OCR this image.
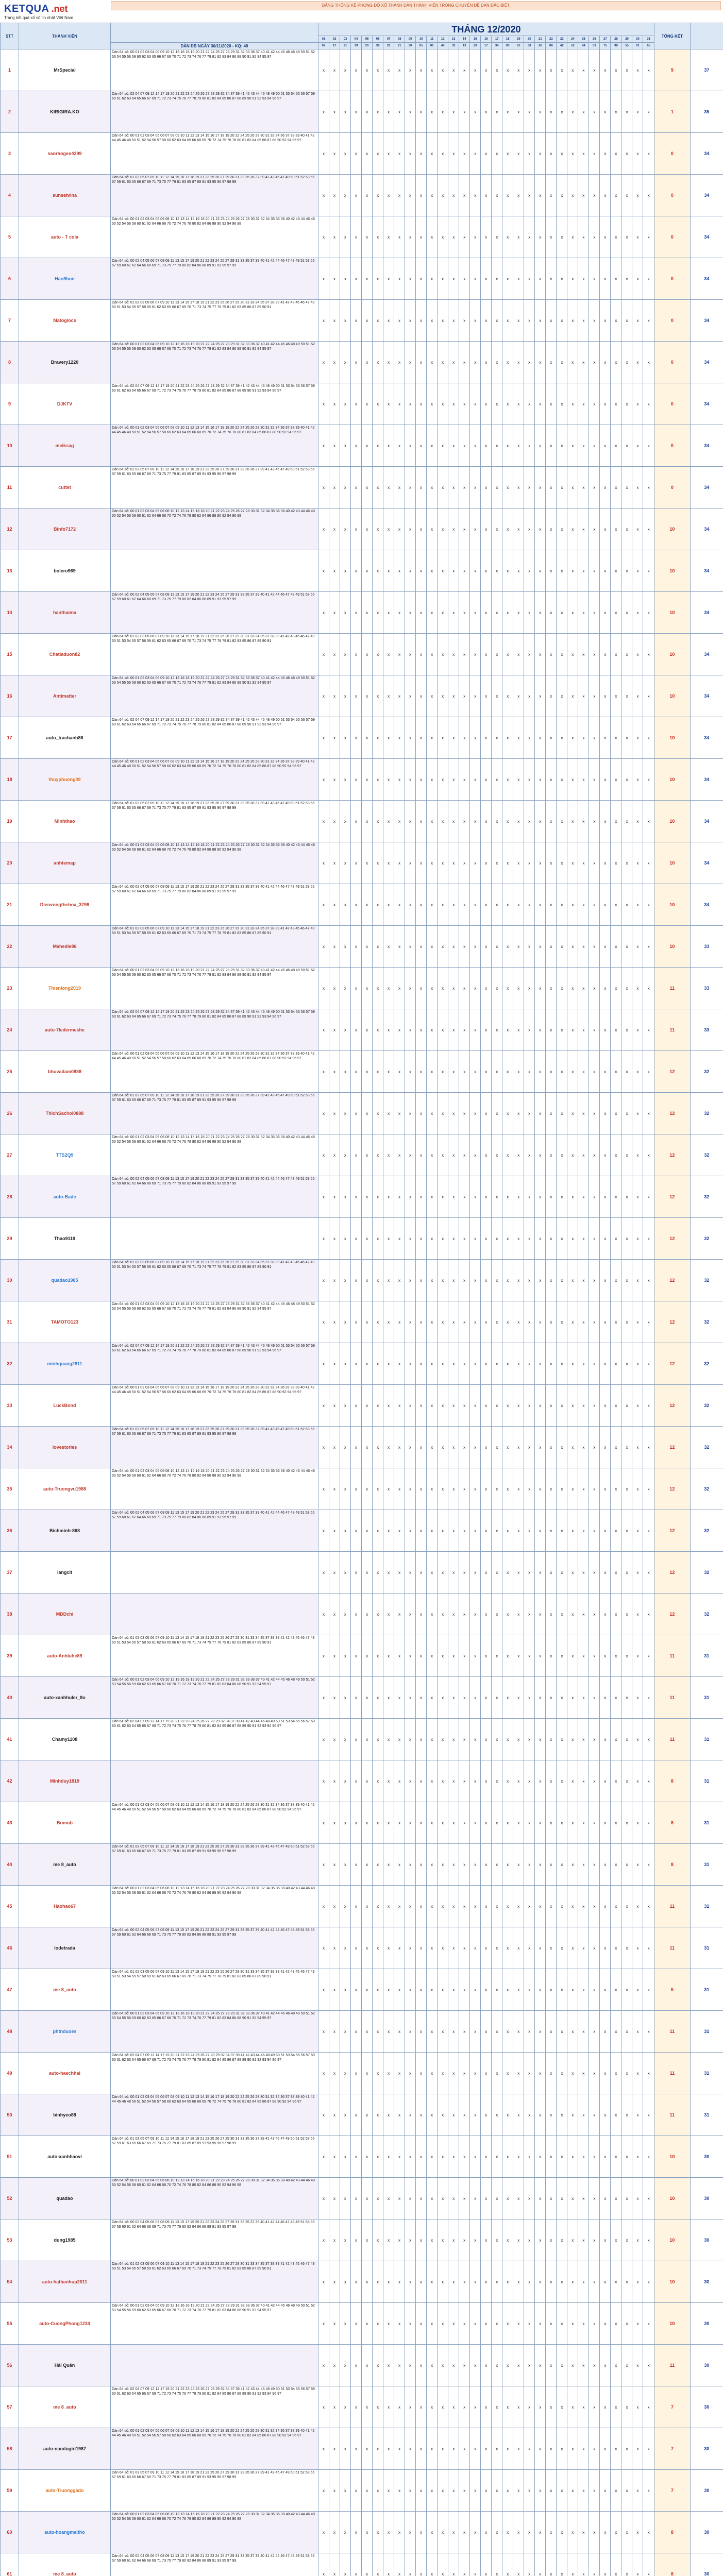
KETQUA .net
Trang kết quả xổ số tin nhất Việt Nam
BẢNG THỐNG KÊ PHONG ĐỘ XỔ THÁNH DÀN THÀNH VIÊN TRONG CHUYÊN ĐỀ DÀN ĐẶC BIỆT
STT	THÀNH VIÊN		THÁNG 12/2020																															TỔNG KẾT	
			01	02	03	04	05	06	07	08	09	10	11	12	13	14	15	16	17	18	19	20	21	22	23	24	25	26	27	28	29	30	31		
		DÀN ĐB NGÀY 30/11/2020 - KQ: 49	07	17	21	39	20	39	31	21	38	05	01	48	32	13	29	17	34	03	61	38	26	08	42	52	94	53	75	98	55	01	65		
1	MrSpecial	Dàn 64 số: 00 01 02 03 04 06 09 10 12 13 16 18 19 20 21 22 24 25 27 28 29 31 32 33 36 37 40 41 42 44 45 46 48 49 50 51 52 53 54 55 56 59 60 62 63 65 66 67 68 70 71 72 73 74 76 77 79 81 82 83 84 86 88 90 91 92 94 95 97	x	x	x	x	x	x	x	x	x	x	x	x	x	x	x	x	x	x	x	x	x	x	x	x	x	x	x	x	x	x	x	9	37
2	KIRIGIRA.KO	Dàn 64 số: 02 04 07 09 12 14 17 19 20 21 22 23 24 25 26 27 28 29 32 34 37 39 41 42 43 44 46 48 49 50 51 53 54 55 56 57 59 60 61 62 63 64 65 66 67 69 71 72 73 74 75 76 77 78 79 80 81 82 84 85 86 87 88 89 90 91 92 93 94 96 97	x	x	x	x	x	x	x	x	x	x	x	x	x	x	x	x	x	x	x	x	x	x	x	x	x	x	x	x	x	x	x	1	35
3	saorhogeo4299	Dàn 64 số: 00 01 02 03 04 05 06 07 08 09 10 11 12 13 14 15 16 17 18 19 20 22 24 25 26 28 30 31 32 34 36 37 38 39 40 41 42 44 45 46 48 50 51 52 54 56 57 58 60 62 63 64 65 66 68 69 70 72 74 75 76 78 80 81 82 84 85 86 87 88 90 92 94 96 97	x	x	x	x	x	x	x	x	x	x	x	x	x	x	x	x	x	x	x	x	x	x	x	x	x	x	x	x	x	x	x	0	34
4	sunsetvina	Dàn 64 số: 01 03 05 07 09 10 11 12 14 15 16 17 18 19 21 23 25 26 27 29 30 31 33 35 36 37 39 41 43 45 47 49 50 51 52 53 55 57 59 61 63 65 66 67 69 71 73 75 77 79 81 83 85 87 89 91 93 95 96 97 98 99	x	x	x	x	x	x	x	x	x	x	x	x	x	x	x	x	x	x	x	x	x	x	x	x	x	x	x	x	x	x	x	0	34
5	auto - T cola	Dàn 64 số: 00 01 02 03 04 05 06 08 10 12 13 14 15 16 18 20 21 22 23 24 25 26 27 28 30 31 32 34 35 36 38 40 42 43 44 46 48 50 52 54 56 58 60 61 62 64 66 68 70 72 74 76 78 80 82 84 86 88 90 92 94 96 98	x	x	x	x	x	x	x	x	x	x	x	x	x	x	x	x	x	x	x	x	x	x	x	x	x	x	x	x	x	x	x	0	34
6	Hao9hon	Dàn 64 số: 00 02 04 05 06 07 08 09 11 13 15 17 19 20 21 22 23 24 25 27 29 31 33 35 37 39 40 41 42 44 46 47 48 49 51 53 55 57 59 60 61 62 64 66 68 69 71 73 75 77 79 80 82 84 86 88 89 91 93 95 97 99	x	x	x	x	x	x	x	x	x	x	x	x	x	x	x	x	x	x	x	x	x	x	x	x	x	x	x	x	x	x	x	0	34
7	Matoglocs	Dàn 64 số: 01 02 03 05 06 07 09 10 11 13 14 15 17 18 19 21 22 23 25 26 27 29 30 31 33 34 35 37 38 39 41 42 43 45 46 47 49 50 51 53 54 55 57 58 59 61 62 63 65 66 67 69 70 71 73 74 75 77 78 79 81 82 83 85 86 87 89 90 91	x	x	x	x	x	x	x	x	x	x	x	x	x	x	x	x	x	x	x	x	x	x	x	x	x	x	x	x	x	x	x	0	34
8	Bravery1220	Dàn 64 số: 00 01 02 03 04 06 09 10 12 13 16 18 19 20 21 22 24 25 27 28 29 31 32 33 36 37 40 41 42 44 45 46 48 49 50 51 52 53 54 55 56 59 60 62 63 65 66 67 68 70 71 72 73 74 76 77 79 81 82 83 84 86 88 90 91 92 94 95 97	x	x	x	x	x	x	x	x	x	x	x	x	x	x	x	x	x	x	x	x	x	x	x	x	x	x	x	x	x	x	x	0	34
9	DJKTV	Dàn 64 số: 02 04 07 09 12 14 17 19 20 21 22 23 24 25 26 27 28 29 32 34 37 39 41 42 43 44 46 48 49 50 51 53 54 55 56 57 59 60 61 62 63 64 65 66 67 69 71 72 73 74 75 76 77 78 79 80 81 82 84 85 86 87 88 89 90 91 92 93 94 96 97	x	x	x	x	x	x	x	x	x	x	x	x	x	x	x	x	x	x	x	x	x	x	x	x	x	x	x	x	x	x	x	0	34
10	meiksag	Dàn 64 số: 00 01 02 03 04 05 06 07 08 09 10 11 12 13 14 15 16 17 18 19 20 22 24 25 26 28 30 31 32 34 36 37 38 39 40 41 42 44 45 46 48 50 51 52 54 56 57 58 60 62 63 64 65 66 68 69 70 72 74 75 76 78 80 81 82 84 85 86 87 88 90 92 94 96 97	x	x	x	x	x	x	x	x	x	x	x	x	x	x	x	x	x	x	x	x	x	x	x	x	x	x	x	x	x	x	x	0	34
11	cuttet	Dàn 64 số: 01 03 05 07 09 10 11 12 14 15 16 17 18 19 21 23 25 26 27 29 30 31 33 35 36 37 39 41 43 45 47 49 50 51 52 53 55 57 59 61 63 65 66 67 69 71 73 75 77 79 81 83 85 87 89 91 93 95 96 97 98 99	x	x	x	x	x	x	x	x	x	x	x	x	x	x	x	x	x	x	x	x	x	x	x	x	x	x	x	x	x	x	x	0	34
12	Binfo7172	Dàn 64 số: 00 01 02 03 04 05 06 08 10 12 13 14 15 16 18 20 21 22 23 24 25 26 27 28 30 31 32 34 35 36 38 40 42 43 44 46 48 50 52 54 56 58 60 61 62 64 66 68 70 72 74 76 78 80 82 84 86 88 90 92 94 96 98	x	x	x	x	x	x	x	x	x	x	x	x	x	x	x	x	x	x	x	x	x	x	x	x	x	x	x	x	x	x	x	10	34
13	bolero969		x	x	x	x	x	x	x	x	x	x	x	x	x	x	x	x	x	x	x	x	x	x	x	x	x	x	x	x	x	x	x	10	34
14	hanthaima	Dàn 64 số: 00 02 04 05 06 07 08 09 11 13 15 17 19 20 21 22 23 24 25 27 29 31 33 35 37 39 40 41 42 44 46 47 48 49 51 53 55 57 59 60 61 62 64 66 68 69 71 73 75 77 79 80 82 84 86 88 89 91 93 95 97 99	x	x	x	x	x	x	x	x	x	x	x	x	x	x	x	x	x	x	x	x	x	x	x	x	x	x	x	x	x	x	x	10	34
15	Chatladuon82	Dàn 64 số: 01 02 03 05 06 07 09 10 11 13 14 15 17 18 19 21 22 23 25 26 27 29 30 31 33 34 35 37 38 39 41 42 43 45 46 47 49 50 51 53 54 55 57 58 59 61 62 63 65 66 67 69 70 71 73 74 75 77 78 79 81 82 83 85 86 87 89 90 91	x	x	x	x	x	x	x	x	x	x	x	x	x	x	x	x	x	x	x	x	x	x	x	x	x	x	x	x	x	x	x	10	34
16	Antimatter	Dàn 64 số: 00 01 02 03 04 06 09 10 12 13 16 18 19 20 21 22 24 25 27 28 29 31 32 33 36 37 40 41 42 44 45 46 48 49 50 51 52 53 54 55 56 59 60 62 63 65 66 67 68 70 71 72 73 74 76 77 79 81 82 83 84 86 88 90 91 92 94 95 97	x	x	x	x	x	x	x	x	x	x	x	x	x	x	x	x	x	x	x	x	x	x	x	x	x	x	x	x	x	x	x	10	34
17	auto_trachanh86	Dàn 64 số: 02 04 07 09 12 14 17 19 20 21 22 23 24 25 26 27 28 29 32 34 37 39 41 42 43 44 46 48 49 50 51 53 54 55 56 57 59 60 61 62 63 64 65 66 67 69 71 72 73 74 75 76 77 78 79 80 81 82 84 85 86 87 88 89 90 91 92 93 94 96 97	x	x	x	x	x	x	x	x	x	x	x	x	x	x	x	x	x	x	x	x	x	x	x	x	x	x	x	x	x	x	x	10	34
18	thuyphuong09	Dàn 64 số: 00 01 02 03 04 05 06 07 08 09 10 11 12 13 14 15 16 17 18 19 20 22 24 25 26 28 30 31 32 34 36 37 38 39 40 41 42 44 45 46 48 50 51 52 54 56 57 58 60 62 63 64 65 66 68 69 70 72 74 75 76 78 80 81 82 84 85 86 87 88 90 92 94 96 97	x	x	x	x	x	x	x	x	x	x	x	x	x	x	x	x	x	x	x	x	x	x	x	x	x	x	x	x	x	x	x	10	34
19	Minhthao	Dàn 64 số: 01 03 05 07 09 10 11 12 14 15 16 17 18 19 21 23 25 26 27 29 30 31 33 35 36 37 39 41 43 45 47 49 50 51 52 53 55 57 59 61 63 65 66 67 69 71 73 75 77 79 81 83 85 87 89 91 93 95 96 97 98 99	x	x	x	x	x	x	x	x	x	x	x	x	x	x	x	x	x	x	x	x	x	x	x	x	x	x	x	x	x	x	x	10	34
20	anhtemap	Dàn 64 số: 00 01 02 03 04 05 06 08 10 12 13 14 15 16 18 20 21 22 23 24 25 26 27 28 30 31 32 34 35 36 38 40 42 43 44 46 48 50 52 54 56 58 60 61 62 64 66 68 70 72 74 76 78 80 82 84 86 88 90 92 94 96 98	x	x	x	x	x	x	x	x	x	x	x	x	x	x	x	x	x	x	x	x	x	x	x	x	x	x	x	x	x	x	x	10	34
21	Dienvongthehoa_3799	Dàn 64 số: 00 02 04 05 06 07 08 09 11 13 15 17 19 20 21 22 23 24 25 27 29 31 33 35 37 39 40 41 42 44 46 47 48 49 51 53 55 57 59 60 61 62 64 66 68 69 71 73 75 77 79 80 82 84 86 88 89 91 93 95 97 99	x	x	x	x	x	x	x	x	x	x	x	x	x	x	x	x	x	x	x	x	x	x	x	x	x	x	x	x	x	x	x	10	34
22	Mahedie86	Dàn 64 số: 01 02 03 05 06 07 09 10 11 13 14 15 17 18 19 21 22 23 25 26 27 29 30 31 33 34 35 37 38 39 41 42 43 45 46 47 49 50 51 53 54 55 57 58 59 61 62 63 65 66 67 69 70 71 73 74 75 77 78 79 81 82 83 85 86 87 89 90 91	x	x	x	x	x	x	x	x	x	x	x	x	x	x	x	x	x	x	x	x	x	x	x	x	x	x	x	x	x	x	x	10	33
23	Thienlong2019	Dàn 64 số: 00 01 02 03 04 06 09 10 12 13 16 18 19 20 21 22 24 25 27 28 29 31 32 33 36 37 40 41 42 44 45 46 48 49 50 51 52 53 54 55 56 59 60 62 63 65 66 67 68 70 71 72 73 74 76 77 79 81 82 83 84 86 88 90 91 92 94 95 97	x	x	x	x	x	x	x	x	x	x	x	x	x	x	x	x	x	x	x	x	x	x	x	x	x	x	x	x	x	x	x	11	33
24	auto-7ledermeshe	Dàn 64 số: 02 04 07 09 12 14 17 19 20 21 22 23 24 25 26 27 28 29 32 34 37 39 41 42 43 44 46 48 49 50 51 53 54 55 56 57 59 60 61 62 63 64 65 66 67 69 71 72 73 74 75 76 77 78 79 80 81 82 84 85 86 87 88 89 90 91 92 93 94 96 97	x	x	x	x	x	x	x	x	x	x	x	x	x	x	x	x	x	x	x	x	x	x	x	x	x	x	x	x	x	x	x	11	33
25	bhuvadam0888	Dàn 64 số: 00 01 02 03 04 05 06 07 08 09 10 11 12 13 14 15 16 17 18 19 20 22 24 25 26 28 30 31 32 34 36 37 38 39 40 41 42 44 45 46 48 50 51 52 54 56 57 58 60 62 63 64 65 66 68 69 70 72 74 75 76 78 80 81 82 84 85 86 87 88 90 92 94 96 97	x	x	x	x	x	x	x	x	x	x	x	x	x	x	x	x	x	x	x	x	x	x	x	x	x	x	x	x	x	x	x	12	32
26	ThichSachoi0888	Dàn 64 số: 01 03 05 07 09 10 11 12 14 15 16 17 18 19 21 23 25 26 27 29 30 31 33 35 36 37 39 41 43 45 47 49 50 51 52 53 55 57 59 61 63 65 66 67 69 71 73 75 77 79 81 83 85 87 89 91 93 95 96 97 98 99	x	x	x	x	x	x	x	x	x	x	x	x	x	x	x	x	x	x	x	x	x	x	x	x	x	x	x	x	x	x	x	12	32
27	TTS2Q9	Dàn 64 số: 00 01 02 03 04 05 06 08 10 12 13 14 15 16 18 20 21 22 23 24 25 26 27 28 30 31 32 34 35 36 38 40 42 43 44 46 48 50 52 54 56 58 60 61 62 64 66 68 70 72 74 76 78 80 82 84 86 88 90 92 94 96 98	x	x	x	x	x	x	x	x	x	x	x	x	x	x	x	x	x	x	x	x	x	x	x	x	x	x	x	x	x	x	x	12	32
28	auto-Bade	Dàn 64 số: 00 02 04 05 06 07 08 09 11 13 15 17 19 20 21 22 23 24 25 27 29 31 33 35 37 39 40 41 42 44 46 47 48 49 51 53 55 57 59 60 61 62 64 66 68 69 71 73 75 77 79 80 82 84 86 88 89 91 93 95 97 99	x	x	x	x	x	x	x	x	x	x	x	x	x	x	x	x	x	x	x	x	x	x	x	x	x	x	x	x	x	x	x	12	32
29	Thao9119		x	x	x	x	x	x	x	x	x	x	x	x	x	x	x	x	x	x	x	x	x	x	x	x	x	x	x	x	x	x	x	12	32
30	quadao1985	Dàn 64 số: 01 02 03 05 06 07 09 10 11 13 14 15 17 18 19 21 22 23 25 26 27 29 30 31 33 34 35 37 38 39 41 42 43 45 46 47 49 50 51 53 54 55 57 58 59 61 62 63 65 66 67 69 70 71 73 74 75 77 78 79 81 82 83 85 86 87 89 90 91	x	x	x	x	x	x	x	x	x	x	x	x	x	x	x	x	x	x	x	x	x	x	x	x	x	x	x	x	x	x	x	12	32
31	TAMOTO123	Dàn 64 số: 00 01 02 03 04 06 09 10 12 13 16 18 19 20 21 22 24 25 27 28 29 31 32 33 36 37 40 41 42 44 45 46 48 49 50 51 52 53 54 55 56 59 60 62 63 65 66 67 68 70 71 72 73 74 76 77 79 81 82 83 84 86 88 90 91 92 94 95 97	x	x	x	x	x	x	x	x	x	x	x	x	x	x	x	x	x	x	x	x	x	x	x	x	x	x	x	x	x	x	x	12	32
32	minhquang2811	Dàn 64 số: 02 04 07 09 12 14 17 19 20 21 22 23 24 25 26 27 28 29 32 34 37 39 41 42 43 44 46 48 49 50 51 53 54 55 56 57 59 60 61 62 63 64 65 66 67 69 71 72 73 74 75 76 77 78 79 80 81 82 84 85 86 87 88 89 90 91 92 93 94 96 97	x	x	x	x	x	x	x	x	x	x	x	x	x	x	x	x	x	x	x	x	x	x	x	x	x	x	x	x	x	x	x	12	32
33	LuckBond	Dàn 64 số: 00 01 02 03 04 05 06 07 08 09 10 11 12 13 14 15 16 17 18 19 20 22 24 25 26 28 30 31 32 34 36 37 38 39 40 41 42 44 45 46 48 50 51 52 54 56 57 58 60 62 63 64 65 66 68 69 70 72 74 75 76 78 80 81 82 84 85 86 87 88 90 92 94 96 97	x	x	x	x	x	x	x	x	x	x	x	x	x	x	x	x	x	x	x	x	x	x	x	x	x	x	x	x	x	x	x	12	32
34	lovestories	Dàn 64 số: 01 03 05 07 09 10 11 12 14 15 16 17 18 19 21 23 25 26 27 29 30 31 33 35 36 37 39 41 43 45 47 49 50 51 52 53 55 57 59 61 63 65 66 67 69 71 73 75 77 79 81 83 85 87 89 91 93 95 96 97 98 99	x	x	x	x	x	x	x	x	x	x	x	x	x	x	x	x	x	x	x	x	x	x	x	x	x	x	x	x	x	x	x	12	32
35	auto-Truongvu1988	Dàn 64 số: 00 01 02 03 04 05 06 08 10 12 13 14 15 16 18 20 21 22 23 24 25 26 27 28 30 31 32 34 35 36 38 40 42 43 44 46 48 50 52 54 56 58 60 61 62 64 66 68 70 72 74 76 78 80 82 84 86 88 90 92 94 96 98	x	x	x	x	x	x	x	x	x	x	x	x	x	x	x	x	x	x	x	x	x	x	x	x	x	x	x	x	x	x	x	12	32
36	Bichminh-868	Dàn 64 số: 00 02 04 05 06 07 08 09 11 13 15 17 19 20 21 22 23 24 25 27 29 31 33 35 37 39 40 41 42 44 46 47 48 49 51 53 55 57 59 60 61 62 64 66 68 69 71 73 75 77 79 80 82 84 86 88 89 91 93 95 97 99	x	x	x	x	x	x	x	x	x	x	x	x	x	x	x	x	x	x	x	x	x	x	x	x	x	x	x	x	x	x	x	12	32
37	langcit		x	x	x	x	x	x	x	x	x	x	x	x	x	x	x	x	x	x	x	x	x	x	x	x	x	x	x	x	x	x	x	12	32
38	MDDchi		x	x	x	x	x	x	x	x	x	x	x	x	x	x	x	x	x	x	x	x	x	x	x	x	x	x	x	x	x	x	x	12	32
39	auto-Anhluhe89	Dàn 64 số: 01 02 03 05 06 07 09 10 11 13 14 15 17 18 19 21 22 23 25 26 27 29 30 31 33 34 35 37 38 39 41 42 43 45 46 47 49 50 51 53 54 55 57 58 59 61 62 63 65 66 67 69 70 71 73 74 75 77 78 79 81 82 83 85 86 87 89 90 91	x	x	x	x	x	x	x	x	x	x	x	x	x	x	x	x	x	x	x	x	x	x	x	x	x	x	x	x	x	x	x	11	31
40	auto-xanhhuler_8o	Dàn 64 số: 00 01 02 03 04 06 09 10 12 13 16 18 19 20 21 22 24 25 27 28 29 31 32 33 36 37 40 41 42 44 45 46 48 49 50 51 52 53 54 55 56 59 60 62 63 65 66 67 68 70 71 72 73 74 76 77 79 81 82 83 84 86 88 90 91 92 94 95 97	x	x	x	x	x	x	x	x	x	x	x	x	x	x	x	x	x	x	x	x	x	x	x	x	x	x	x	x	x	x	x	11	31
41	Chamy1108	Dàn 64 số: 02 04 07 09 12 14 17 19 20 21 22 23 24 25 26 27 28 29 32 34 37 39 41 42 43 44 46 48 49 50 51 53 54 55 56 57 59 60 61 62 63 64 65 66 67 69 71 72 73 74 75 76 77 78 79 80 81 82 84 85 86 87 88 89 90 91 92 93 94 96 97	x	x	x	x	x	x	x	x	x	x	x	x	x	x	x	x	x	x	x	x	x	x	x	x	x	x	x	x	x	x	x	11	31
42	Minhduy1819		x	x	x	x	x	x	x	x	x	x	x	x	x	x	x	x	x	x	x	x	x	x	x	x	x	x	x	x	x	x	x	8	31
43	Bomub	Dàn 64 số: 00 01 02 03 04 05 06 07 08 09 10 11 12 13 14 15 16 17 18 19 20 22 24 25 26 28 30 31 32 34 36 37 38 39 40 41 42 44 45 46 48 50 51 52 54 56 57 58 60 62 63 64 65 66 68 69 70 72 74 75 76 78 80 81 82 84 85 86 87 88 90 92 94 96 97	x	x	x	x	x	x	x	x	x	x	x	x	x	x	x	x	x	x	x	x	x	x	x	x	x	x	x	x	x	x	x	8	31
44	me 8_auto	Dàn 64 số: 01 03 05 07 09 10 11 12 14 15 16 17 18 19 21 23 25 26 27 29 30 31 33 35 36 37 39 41 43 45 47 49 50 51 52 53 55 57 59 61 63 65 66 67 69 71 73 75 77 79 81 83 85 87 89 91 93 95 96 97 98 99	x	x	x	x	x	x	x	x	x	x	x	x	x	x	x	x	x	x	x	x	x	x	x	x	x	x	x	x	x	x	x	8	31
45	Haohao67	Dàn 64 số: 00 01 02 03 04 05 06 08 10 12 13 14 15 16 18 20 21 22 23 24 25 26 27 28 30 31 32 34 35 36 38 40 42 43 44 46 48 50 52 54 56 58 60 61 62 64 66 68 70 72 74 76 78 80 82 84 86 88 90 92 94 96 98	x	x	x	x	x	x	x	x	x	x	x	x	x	x	x	x	x	x	x	x	x	x	x	x	x	x	x	x	x	x	x	11	31
46	lodetrada	Dàn 64 số: 00 02 04 05 06 07 08 09 11 13 15 17 19 20 21 22 23 24 25 27 29 31 33 35 37 39 40 41 42 44 46 47 48 49 51 53 55 57 59 60 61 62 64 66 68 69 71 73 75 77 79 80 82 84 86 88 89 91 93 95 97 99	x	x	x	x	x	x	x	x	x	x	x	x	x	x	x	x	x	x	x	x	x	x	x	x	x	x	x	x	x	x	x	11	31
47	me 8_auto	Dàn 64 số: 01 02 03 05 06 07 09 10 11 13 14 15 17 18 19 21 22 23 25 26 27 29 30 31 33 34 35 37 38 39 41 42 43 45 46 47 49 50 51 53 54 55 57 58 59 61 62 63 65 66 67 69 70 71 73 74 75 77 78 79 81 82 83 85 86 87 89 90 91	x	x	x	x	x	x	x	x	x	x	x	x	x	x	x	x	x	x	x	x	x	x	x	x	x	x	x	x	x	x	x	5	31
48	phtnduoes	Dàn 64 số: 00 01 02 03 04 06 09 10 12 13 16 18 19 20 21 22 24 25 27 28 29 31 32 33 36 37 40 41 42 44 45 46 48 49 50 51 52 53 54 55 56 59 60 62 63 65 66 67 68 70 71 72 73 74 76 77 79 81 82 83 84 86 88 90 91 92 94 95 97	x	x	x	x	x	x	x	x	x	x	x	x	x	x	x	x	x	x	x	x	x	x	x	x	x	x	x	x	x	x	x	11	31
49	auto-haechhai	Dàn 64 số: 02 04 07 09 12 14 17 19 20 21 22 23 24 25 26 27 28 29 32 34 37 39 41 42 43 44 46 48 49 50 51 53 54 55 56 57 59 60 61 62 63 64 65 66 67 69 71 72 73 74 75 76 77 78 79 80 81 82 84 85 86 87 88 89 90 91 92 93 94 96 97	x	x	x	x	x	x	x	x	x	x	x	x	x	x	x	x	x	x	x	x	x	x	x	x	x	x	x	x	x	x	x	11	31
50	binhyeo88	Dàn 64 số: 00 01 02 03 04 05 06 07 08 09 10 11 12 13 14 15 16 17 18 19 20 22 24 25 26 28 30 31 32 34 36 37 38 39 40 41 42 44 45 46 48 50 51 52 54 56 57 58 60 62 63 64 65 66 68 69 70 72 74 75 76 78 80 81 82 84 85 86 87 88 90 92 94 96 97	x	x	x	x	x	x	x	x	x	x	x	x	x	x	x	x	x	x	x	x	x	x	x	x	x	x	x	x	x	x	x	11	31
51	auto-xanhhaovi	Dàn 64 số: 01 03 05 07 09 10 11 12 14 15 16 17 18 19 21 23 25 26 27 29 30 31 33 35 36 37 39 41 43 45 47 49 50 51 52 53 55 57 59 61 63 65 66 67 69 71 73 75 77 79 81 83 85 87 89 91 93 95 96 97 98 99	x	x	x	x	x	x	x	x	x	x	x	x	x	x	x	x	x	x	x	x	x	x	x	x	x	x	x	x	x	x	x	10	30
52	quadao	Dàn 64 số: 00 01 02 03 04 05 06 08 10 12 13 14 15 16 18 20 21 22 23 24 25 26 27 28 30 31 32 34 35 36 38 40 42 43 44 46 48 50 52 54 56 58 60 61 62 64 66 68 70 72 74 76 78 80 82 84 86 88 90 92 94 96 98	x	x	x	x	x	x	x	x	x	x	x	x	x	x	x	x	x	x	x	x	x	x	x	x	x	x	x	x	x	x	x	10	30
53	dung1985	Dàn 64 số: 00 02 04 05 06 07 08 09 11 13 15 17 19 20 21 22 23 24 25 27 29 31 33 35 37 39 40 41 42 44 46 47 48 49 51 53 55 57 59 60 61 62 64 66 68 69 71 73 75 77 79 80 82 84 86 88 89 91 93 95 97 99	x	x	x	x	x	x	x	x	x	x	x	x	x	x	x	x	x	x	x	x	x	x	x	x	x	x	x	x	x	x	x	10	30
54	auto-hathanhup2011	Dàn 64 số: 01 02 03 05 06 07 09 10 11 13 14 15 17 18 19 21 22 23 25 26 27 29 30 31 33 34 35 37 38 39 41 42 43 45 46 47 49 50 51 53 54 55 57 58 59 61 62 63 65 66 67 69 70 71 73 74 75 77 78 79 81 82 83 85 86 87 89 90 91	x	x	x	x	x	x	x	x	x	x	x	x	x	x	x	x	x	x	x	x	x	x	x	x	x	x	x	x	x	x	x	10	30
55	auto-CuongPhong1234	Dàn 64 số: 00 01 02 03 04 06 09 10 12 13 16 18 19 20 21 22 24 25 27 28 29 31 32 33 36 37 40 41 42 44 45 46 48 49 50 51 52 53 54 55 56 59 60 62 63 65 66 67 68 70 71 72 73 74 76 77 79 81 82 83 84 86 88 90 91 92 94 95 97	x	x	x	x	x	x	x	x	x	x	x	x	x	x	x	x	x	x	x	x	x	x	x	x	x	x	x	x	x	x	x	10	30
56	Hải Quân		x	x	x	x	x	x	x	x	x	x	x	x	x	x	x	x	x	x	x	x	x	x	x	x	x	x	x	x	x	x	x	11	30
57	me 8_auto	Dàn 64 số: 02 04 07 09 12 14 17 19 20 21 22 23 24 25 26 27 28 29 32 34 37 39 41 42 43 44 46 48 49 50 51 53 54 55 56 57 59 60 61 62 63 64 65 66 67 69 71 72 73 74 75 76 77 78 79 80 81 82 84 85 86 87 88 89 90 91 92 93 94 96 97	x	x	x	x	x	x	x	x	x	x	x	x	x	x	x	x	x	x	x	x	x	x	x	x	x	x	x	x	x	x	x	7	30
58	auto-nandugiri1987	Dàn 64 số: 00 01 02 03 04 05 06 07 08 09 10 11 12 13 14 15 16 17 18 19 20 22 24 25 26 28 30 31 32 34 36 37 38 39 40 41 42 44 45 46 48 50 51 52 54 56 57 58 60 62 63 64 65 66 68 69 70 72 74 75 76 78 80 81 82 84 85 86 87 88 90 92 94 96 97	x	x	x	x	x	x	x	x	x	x	x	x	x	x	x	x	x	x	x	x	x	x	x	x	x	x	x	x	x	x	x	7	30
59	auto-Truonggado	Dàn 64 số: 01 03 05 07 09 10 11 12 14 15 16 17 18 19 21 23 25 26 27 29 30 31 33 35 36 37 39 41 43 45 47 49 50 51 52 53 55 57 59 61 63 65 66 67 69 71 73 75 77 79 81 83 85 87 89 91 93 95 96 97 98 99	x	x	x	x	x	x	x	x	x	x	x	x	x	x	x	x	x	x	x	x	x	x	x	x	x	x	x	x	x	x	x	7	30
60	auto-hoangmaitho	Dàn 64 số: 00 01 02 03 04 05 06 08 10 12 13 14 15 16 18 20 21 22 23 24 25 26 27 28 30 31 32 34 35 36 38 40 42 43 44 46 48 50 52 54 56 58 60 61 62 64 66 68 70 72 74 76 78 80 82 84 86 88 90 92 94 96 98	x	x	x	x	x	x	x	x	x	x	x	x	x	x	x	x	x	x	x	x	x	x	x	x	x	x	x	x	x	x	x	8	30
61	me 8_auto	Dàn 64 số: 00 02 04 05 06 07 08 09 11 13 15 17 19 20 21 22 23 24 25 27 29 31 33 35 37 39 40 41 42 44 46 47 48 49 51 53 55 57 59 60 61 62 64 66 68 69 71 73 75 77 79 80 82 84 86 88 89 91 93 95 97 99	x	x	x	x	x	x	x	x	x	x	x	x	x	x	x	x	x	x	x	x	x	x	x	x	x	x	x	x	x	x	x	8	30
